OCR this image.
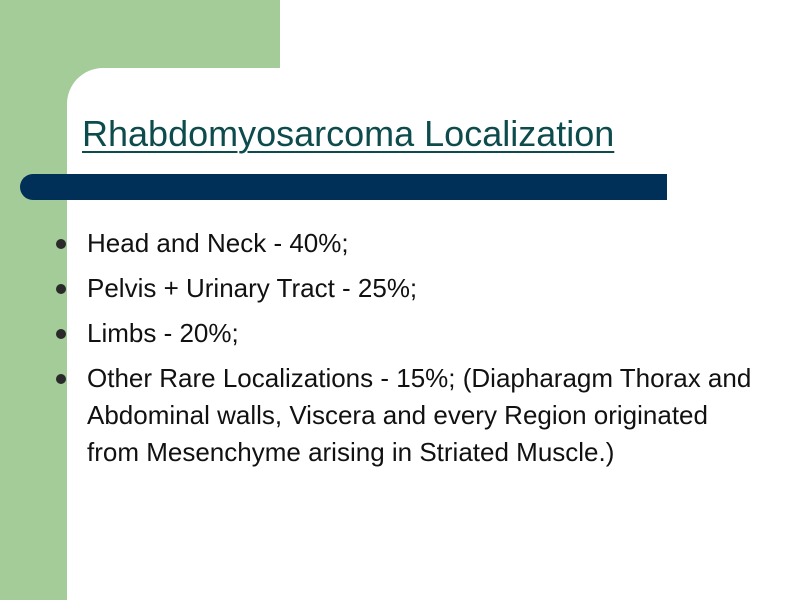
Rhabdomyosarcoma Localization
Head and Neck - 40%;
Pelvis + Urinary Tract - 25%;
Limbs - 20%;
Other Rare Localizations - 15%; (Diapharagm Thorax and Abdominal walls, Viscera and every Region originated from Mesenchyme arising in Striated Muscle.)
